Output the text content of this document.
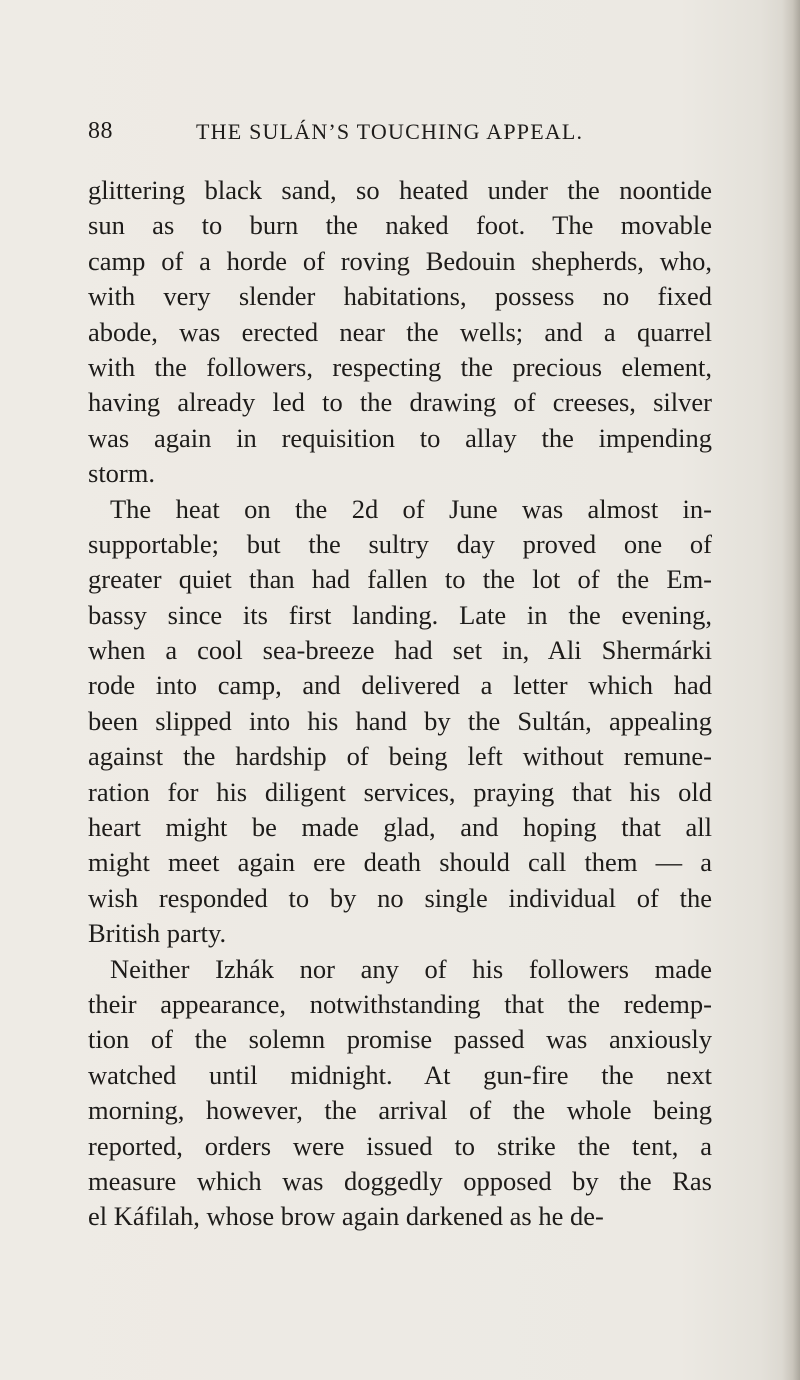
88	THE SULÁN’S TOUCHING APPEAL.
glittering black sand, so heated under the noontide
sun as to burn the naked foot. The movable
camp of a horde of roving Bedouin shepherds, who,
with very slender habitations, possess no fixed
abode, was erected near the wells; and a quarrel
with the followers, respecting the precious element,
having already led to the drawing of creeses, silver
was again in requisition to allay the impending
storm.
The heat on the 2d of June was almost in-
supportable; but the sultry day proved one of
greater quiet than had fallen to the lot of the Em-
bassy since its first landing. Late in the evening,
when a cool sea-breeze had set in, Ali Shermárki
rode into camp, and delivered a letter which had
been slipped into his hand by the Sultán, appealing
against the hardship of being left without remune-
ration for his diligent services, praying that his old
heart might be made glad, and hoping that all
might meet again ere death should call them — a
wish responded to by no single individual of the
British party.
Neither Izhák nor any of his followers made
their appearance, notwithstanding that the redemp-
tion of the solemn promise passed was anxiously
watched until midnight. At gun-fire the next
morning, however, the arrival of the whole being
reported, orders were issued to strike the tent, a
measure which was doggedly opposed by the Ras
el Káfilah, whose brow again darkened as he de-
